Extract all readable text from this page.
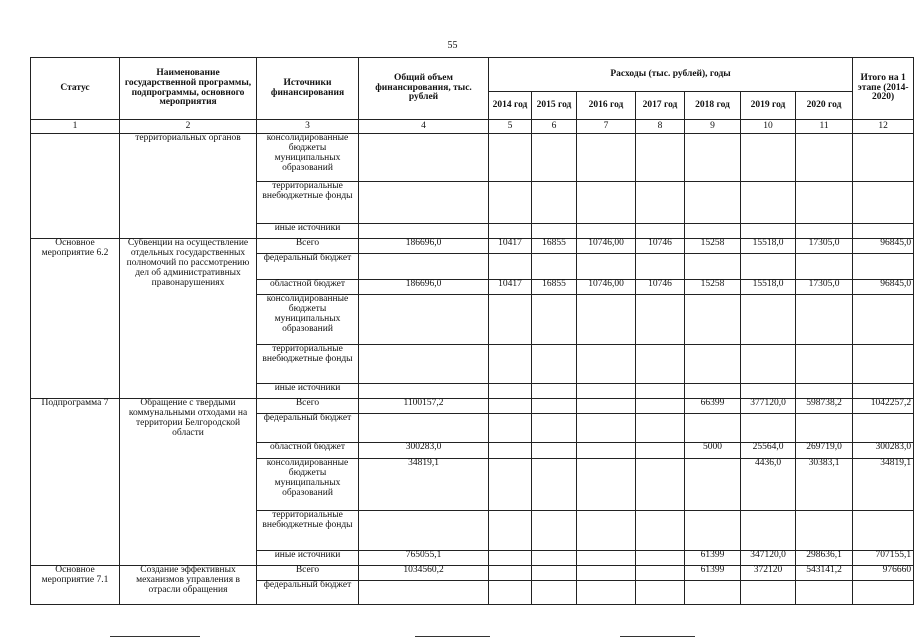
55
Статус	Наименование государственной программы, подпрограммы, основного мероприятия	Источники финансирования	Общий объем финансирования, тыс. рублей	Расходы (тыс. рублей), годы							Итого на 1 этапе (2014-2020)
				2014 год	2015 год	2016 год	2017 год	2018 год	2019 год	2020 год	
1	2	3	4	5	6	7	8	9	10	11	12
	территориальных органов	консолидированные бюджеты муниципальных образований									
		территориальные внебюджетные фонды									
		иные источники									
Основное мероприятие 6.2	Субвенции на осуществление отдельных государственных полномочий по рассмотрению дел об административных правонарушениях	Всего	186696,0	10417	16855	10746,00	10746	15258	15518,0	17305,0	96845,0
		федеральный бюджет									
		областной бюджет	186696,0	10417	16855	10746,00	10746	15258	15518,0	17305,0	96845,0
		консолидированные бюджеты муниципальных образований									
		территориальные внебюджетные фонды									
		иные источники									
Подпрограмма 7	Обращение с твердыми коммунальными отходами на территории Белгородской области	Всего	1100157,2					66399	377120,0	598738,2	1042257,2
		федеральный бюджет									
		областной бюджет	300283,0					5000	25564,0	269719,0	300283,0
		консолидированные бюджеты муниципальных образований	34819,1						4436,0	30383,1	34819,1
		территориальные внебюджетные фонды									
		иные источники	765055,1					61399	347120,0	298636,1	707155,1
Основное мероприятие 7.1	Создание эффективных механизмов управления в отрасли обращения	Всего	1034560,2					61399	372120	543141,2	976660
		федеральный бюджет									
